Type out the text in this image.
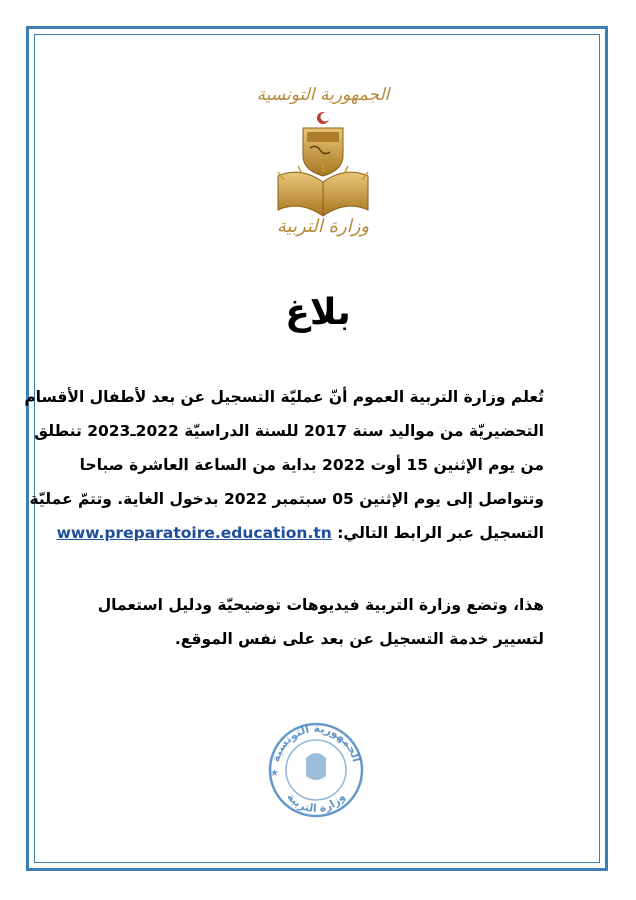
الجمهورية التونسية
وزارة التربية
بلاغ
تُعلم وزارة التربية العموم أنّ عمليّة التسجيل عن بعد لأطفال الأقسام
التحضيريّة من مواليد سنة 2017 للسنة الدراسيّة 2022ـ2023 تنطلق
من يوم الإثنين 15 أوت 2022 بداية من الساعة العاشرة صباحا
وتتواصل إلى يوم الإثنين 05 سبتمبر 2022 بدخول الغاية. وتتمّ عمليّة
التسجيل عبر الرابط التالي: www.preparatoire.education.tn
هذا، وتضع وزارة التربية فيديوهات توضيحيّة ودليل استعمال
لتسيير خدمة التسجيل عن بعد على نفس الموقع.
الجمهورية التونسية
وزارة التربية
★
